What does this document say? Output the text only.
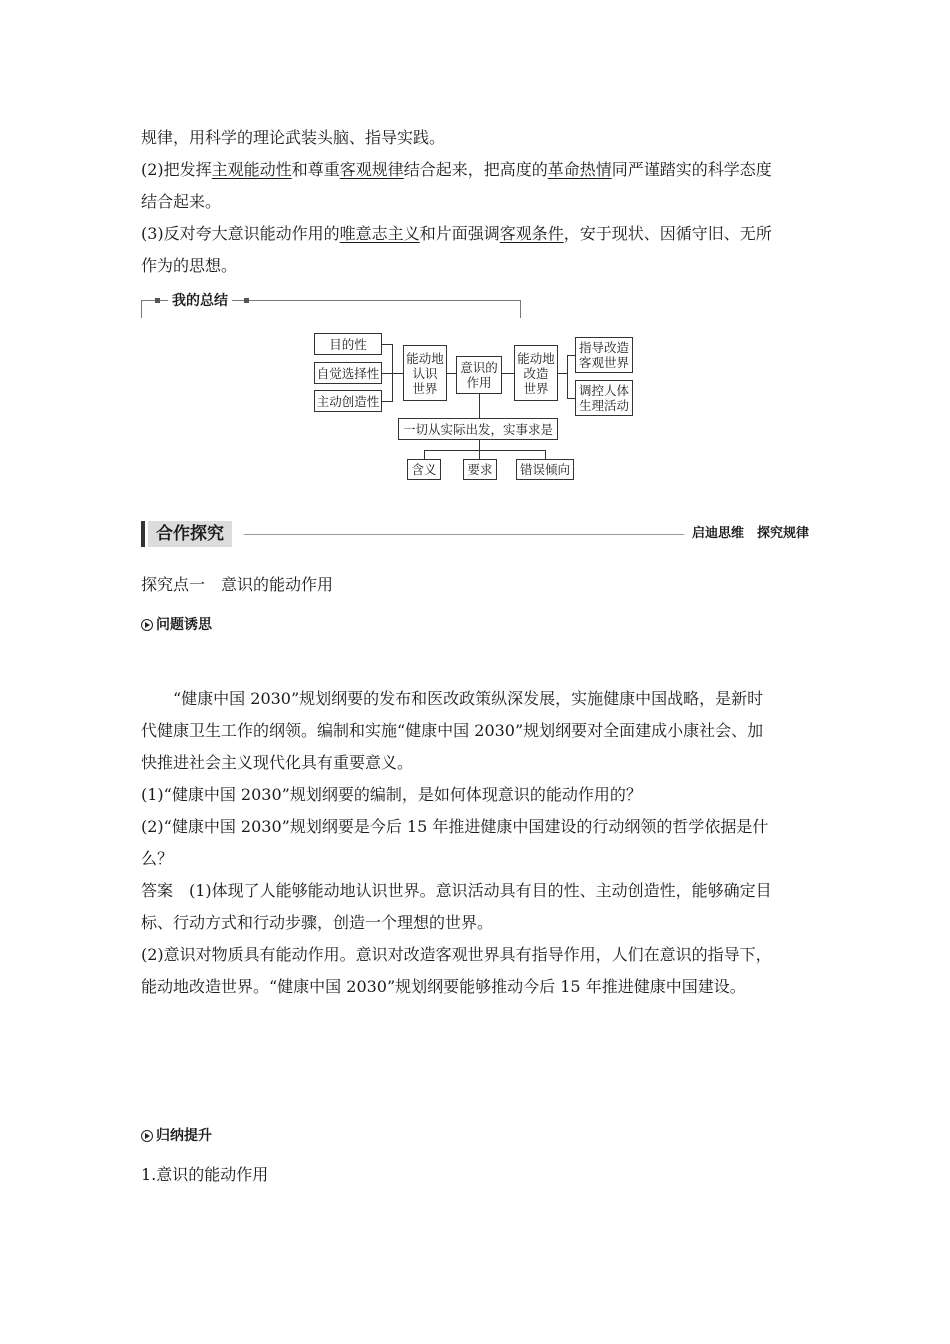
规律，用科学的理论武装头脑、指导实践。

(2)把发挥主观能动性和尊重客观规律结合起来，把高度的革命热情同严谨踏实的科学态度

结合起来。

(3)反对夸大意识能动作用的唯意志主义和片面强调客观条件，安于现状、因循守旧、无所

作为的思想。

我的总结
目的性
自觉选择性
主动创造性
能动地
认识
世界
意识的
作用
能动地
改造
世界
指导改造
客观世界
调控人体
生理活动
一切从实际出发，实事求是
含义	要求	错误倾向
合作探究	启迪思维　探究规律

探究点一　意识的能动作用

问题诱思

“健康中国 2030”规划纲要的发布和医改政策纵深发展，实施健康中国战略，是新时

代健康卫生工作的纲领。编制和实施“健康中国 2030”规划纲要对全面建成小康社会、加

快推进社会主义现代化具有重要意义。

(1)“健康中国 2030”规划纲要的编制，是如何体现意识的能动作用的？

(2)“健康中国 2030”规划纲要是今后 15 年推进健康中国建设的行动纲领的哲学依据是什

么？

答案　(1)体现了人能够能动地认识世界。意识活动具有目的性、主动创造性，能够确定目

标、行动方式和行动步骤，创造一个理想的世界。

(2)意识对物质具有能动作用。意识对改造客观世界具有指导作用，人们在意识的指导下，

能动地改造世界。“健康中国 2030”规划纲要能够推动今后 15 年推进健康中国建设。

归纳提升

1.意识的能动作用
